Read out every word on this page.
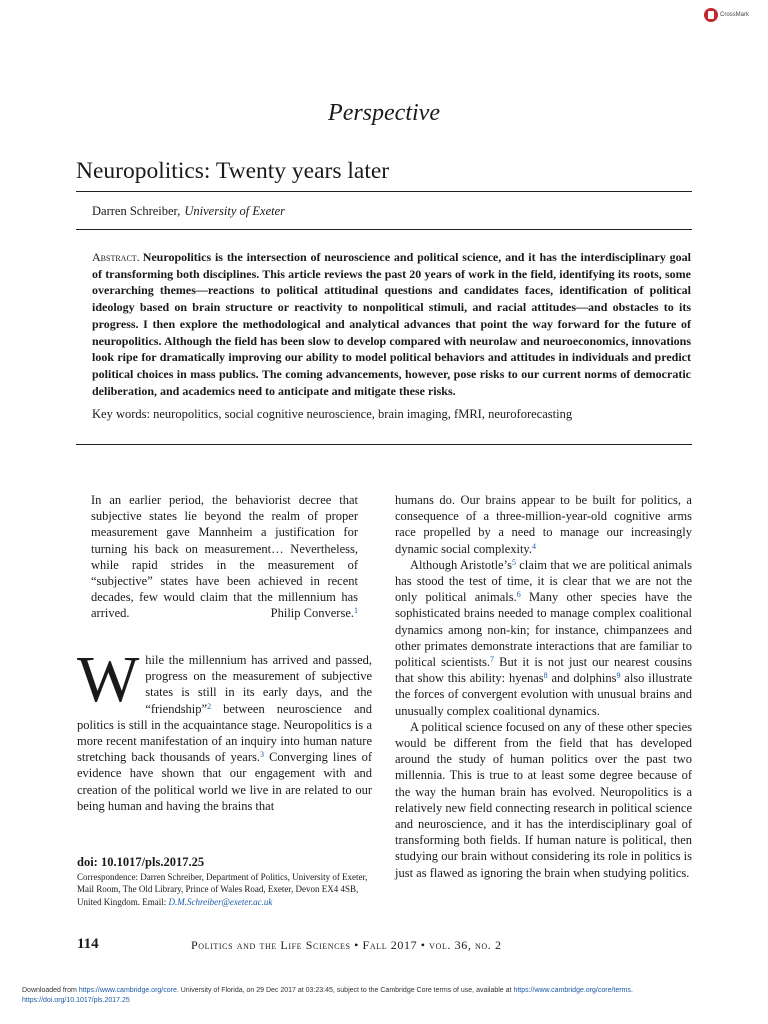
CrossMark
Perspective
Neuropolitics: Twenty years later
Darren Schreiber, University of Exeter
Abstract. Neuropolitics is the intersection of neuroscience and political science, and it has the interdisciplinary goal of transforming both disciplines. This article reviews the past 20 years of work in the field, identifying its roots, some overarching themes—reactions to political attitudinal questions and candidates faces, identification of political ideology based on brain structure or reactivity to nonpolitical stimuli, and racial attitudes—and obstacles to its progress. I then explore the methodological and analytical advances that point the way forward for the future of neuropolitics. Although the field has been slow to develop compared with neurolaw and neuroeconomics, innovations look ripe for dramatically improving our ability to model political behaviors and attitudes in individuals and predict political choices in mass publics. The coming advancements, however, pose risks to our current norms of democratic deliberation, and academics need to anticipate and mitigate these risks.
Key words: neuropolitics, social cognitive neuroscience, brain imaging, fMRI, neuroforecasting
In an earlier period, the behaviorist decree that subjective states lie beyond the realm of proper measurement gave Mannheim a justification for turning his back on measurement… Nevertheless, while rapid strides in the measurement of “subjective” states have been achieved in recent decades, few would claim that the millennium has arrived.	Philip Converse.$^1$

While the millennium has arrived and passed, progress on the measurement of subjective states is still in its early days, and the “friendship”$^2$ between neuroscience and politics is still in the acquaintance stage. Neuropolitics is a more recent manifestation of an inquiry into human nature stretching back thousands of years.$^3$ Converging lines of evidence have shown that our engagement with and creation of the political world we live in are related to our being human and having the brains that

humans do. Our brains appear to be built for politics, a consequence of a three-million-year-old cognitive arms race propelled by a need to manage our increasingly dynamic social complexity.$^4$

Although $Aristotle’s^5$ claim that we are political animals has stood the test of time, it is clear that we are not the only political animals.$^6$ Many other species have the sophisticated brains needed to manage complex coalitional dynamics among non-kin; for instance, chimpanzees and other primates demonstrate interactions that are familiar to political scientists.$^7$ But it is not just our nearest cousins that show this ability: hyenas$^8$ and dolphins$^9$ also illustrate the forces of convergent evolution with unusual brains and unusually complex coalitional dynamics.

A political science focused on any of these other species would be different from the field that has developed around the study of human politics over the past two millennia. This is true to at least some degree because of the way the human brain has evolved. Neuropolitics is a relatively new field connecting research in political science and neuroscience, and it has the interdisciplinary goal of transforming both fields. If human nature is political, then studying our brain without considering its role in politics is just as flawed as ignoring the brain when studying politics.

doi: 10.1017/pls.2017.25
Correspondence: Darren Schreiber, Department of Politics, University of Exeter, Mail Room, The Old Library, Prince of Wales Road, Exeter, Devon EX4 4SB, United Kingdom. Email: D.M.Schreiber@exeter.ac.uk
114	Politics and the Life Sciences • Fall 2017 • vol. 36, no. 2
Downloaded from https://www.cambridge.org/core. University of Florida, on 29 Dec 2017 at 03:23:45, subject to the Cambridge Core terms of use, available at https://www.cambridge.org/core/terms.
https://doi.org/10.1017/pls.2017.25
